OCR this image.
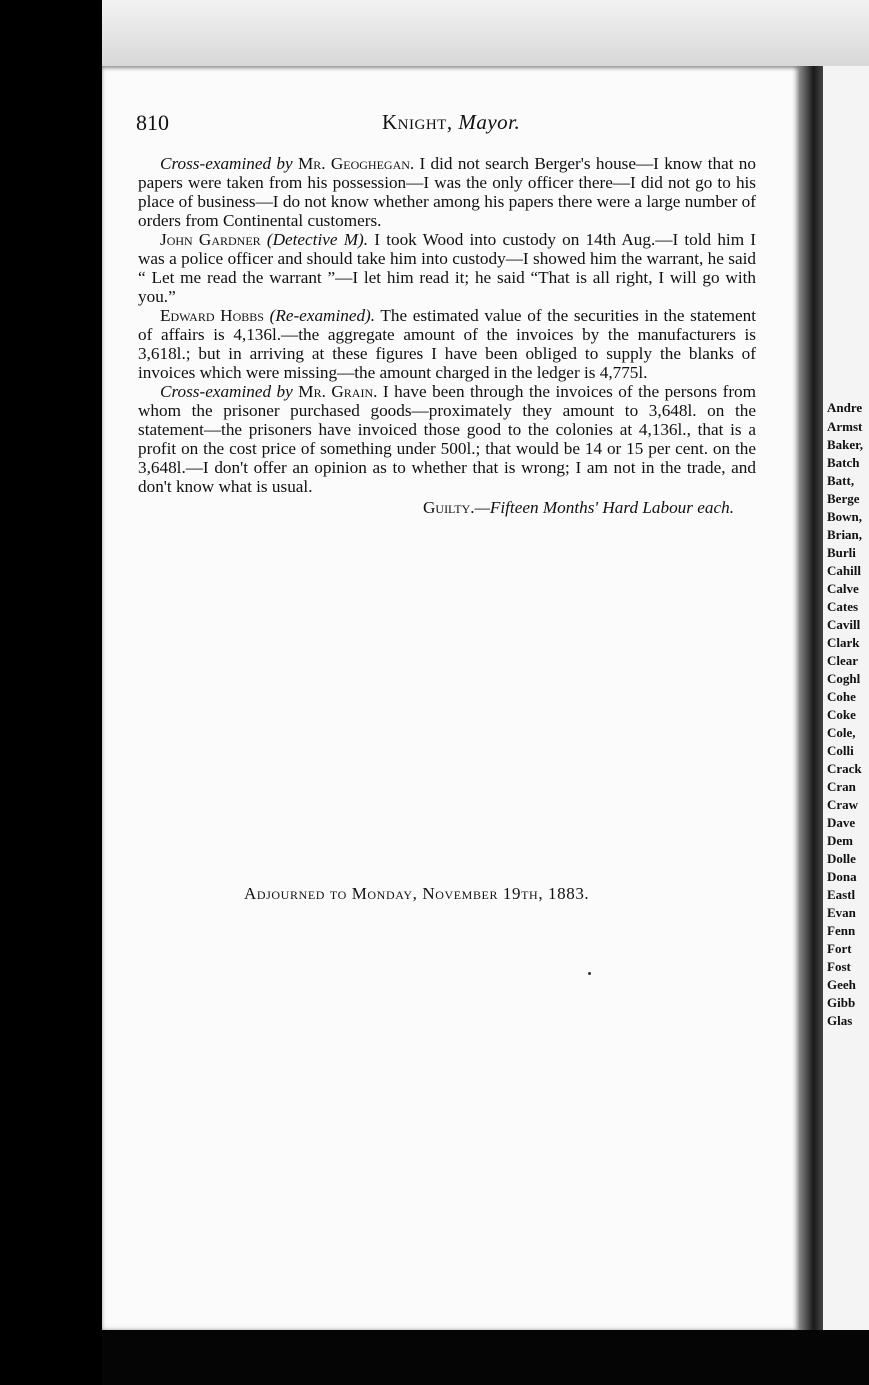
810	Knight, Mayor.

Cross-examined by Mr. Geoghegan. I did not search Berger's house—I know that no papers were taken from his possession—I was the only officer there—I did not go to his place of business—I do not know whether among his papers there were a large number of orders from Continental customers.

John Gardner (Detective M). I took Wood into custody on 14th Aug.—I told him I was a police officer and should take him into custody—I showed him the warrant, he said “ Let me read the warrant ”—I let him read it; he said “That is all right, I will go with you.”

Edward Hobbs (Re-examined). The estimated value of the securities in the statement of affairs is 4,136l.—the aggregate amount of the invoices by the manufacturers is 3,618l.; but in arriving at these figures I have been obliged to supply the blanks of invoices which were missing—the amount charged in the ledger is 4,775l.

Cross-examined by Mr. Grain. I have been through the invoices of the persons from whom the prisoner purchased goods—proximately they amount to 3,648l. on the statement—the prisoners have invoiced those good to the colonies at 4,136l., that is a profit on the cost price of something under 500l.; that would be 14 or 15 per cent. on the 3,648l.—I don't offer an opinion as to whether that is wrong; I am not in the trade, and don't know what is usual.

Guilty.—Fifteen Months' Hard Labour each.
Adjourned to Monday, November 19th, 1883.
Andre
Armst
Baker,
Batch
Batt,
Berge
Bown,
Brian,
Burli
Cahill
Calve
Cates
Cavill
Clark
Clear
Coghl
Cohe
Coke
Cole,
Colli
Crack
Cran
Craw
Dave
Dem
Dolle
Dona
Eastl
Evan
Fenn
Fort
Fost
Geeh
Gibb
Glas
